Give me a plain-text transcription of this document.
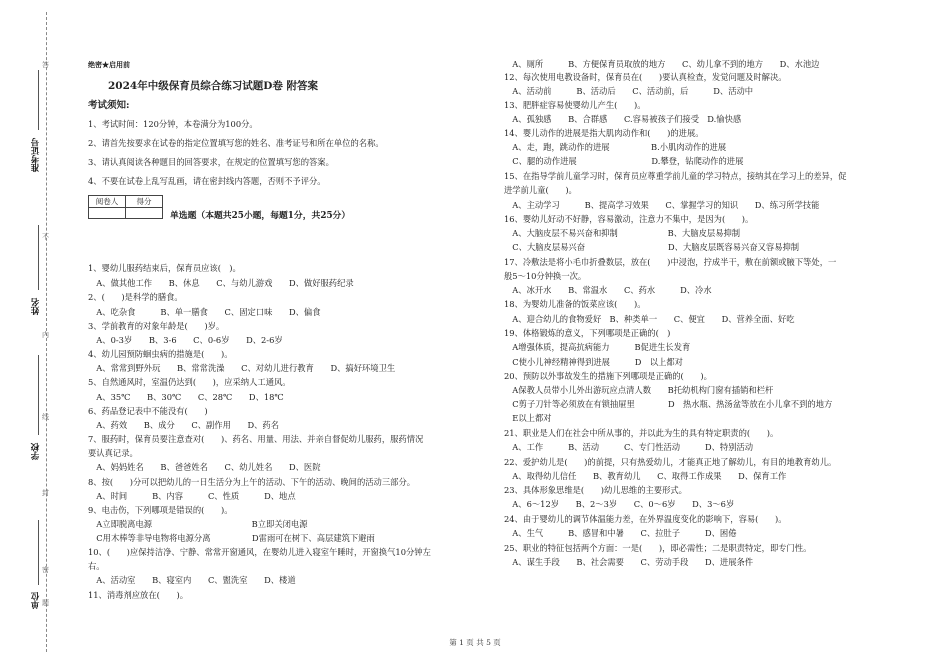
准考证号
姓名
学校
单位
答
不
内
线
封
密
题
绝密★启用前
2024年中级保育员综合练习试题D卷 附答案
考试须知:
1、考试时间：120分钟，本卷满分为100分。
2、请首先按要求在试卷的指定位置填写您的姓名、准考证号和所在单位的名称。
3、请认真阅读各种题目的回答要求，在规定的位置填写您的答案。
4、不要在试卷上乱写乱画，请在密封线内答题，否则不予评分。
单选题（本题共25小题，每题1分，共25分）
1、婴幼儿服药结束后，保育员应该(　)。
　A、做其他工作　　B、休息　　C、与幼儿游戏　　D、做好服药纪录
2、(　　)是科学的膳食。
　A、吃杂食　　　B、单一膳食　　C、固定口味　　D、偏食
3、学前教育的对象年龄是(　　)岁。
　A、0-3岁　　B、3-6　　C、0-6岁　　D、2-6岁
4、幼儿园预防蛔虫病的措施是(　　)。
　A、常常到野外玩　　B、常常洗澡　　C、对幼儿进行教育　　D、搞好环境卫生
5、自然通风时，室温仍达到(　　)，应采纳人工通风。
　A、35℃　　B、30℃　　C、28℃　　D、18℃
6、药品登记表中不能没有(　　)
　A、药效　　B、成分　　C、副作用　　D、药名
7、服药时，保育员要注意查对(　　)、药名、用量、用法、并亲自督促幼儿服药，服药情况
要认真记录。
　A、妈妈姓名　　B、爸爸姓名　　C、幼儿姓名　　D、医院
8、按(　　)分可以把幼儿的一日生活分为上午的活动、下午的活动、晚间的活动三部分。
　A、时间　　　B、内容　　　C、性质　　　D、地点
9、电击伤，下列哪项是错误的(　　)。
　A立即脱离电源　　　　　　　　　　　　B立即关闭电源
　C用木棒等非导电物将电源分离　　　　　D雷雨可在树下、高层建筑下避雨
10、(　　)应保持洁净、宁静、常常开窗通风，在婴幼儿进入寝室午睡时，开窗换气10分钟左
右。
　A、活动室　　B、寝室内　　C、盥洗室　　D、楼道
11、消毒剂应放在(　　)。
阅卷人	得分

　A、厕所　　　B、方便保育员取放的地方　　C、幼儿拿不到的地方　　D、水池边
12、每次使用电教设备时，保育员在(　　)要认真检查，发觉问题及时解决。
　A、活动前　　　B、活动后　　C、活动前，后　　　D、活动中
13、肥胖症容易使婴幼儿产生(　　)。
　A、孤独感　　B、合群感　　C.容易被孩子们接受　D.愉快感
14、婴儿动作的进展是指大肌肉动作和(　　)的进展。
　A、走，跑，跳动作的进展　　　　　B.小肌肉动作的进展
　C、腿的动作进展　　　　　　　　　D.攀登，钻爬动作的进展
15、在指导学前儿童学习时，保育员应尊重学前儿童的学习特点，接纳其在学习上的差异，促
进学前儿童(　　)。
　A、主动学习　　　B、提高学习效果　　C、掌握学习的知识　　D、练习所学技能
16、婴幼儿好动不好静，容易激动，注意力不集中，是因为(　　)。
　A、大脑皮层不易兴奋和抑制　　　　　　B、大脑皮层易抑制
　C、大脑皮层易兴奋　　　　　　　　　　D、大脑皮层既容易兴奋又容易抑制
17、冷敷法是将小毛巾折叠数层，放在(　　)中浸泡，拧成半干，敷在前额或腋下等处，一
般5～10分钟换一次。
　A、冰开水　　B、常温水　　C、药水　　　D、冷水
18、为婴幼儿准备的饭菜应该(　　)。
　A、迎合幼儿的食物爱好　B、种类单一　　C、便宜　　D、营养全面、好吃
19、体格锻炼的意义，下列哪项是正确的(　)
　A增强体质，提高抗病能力　　　B促进生长发育
　C使小儿神经精神得到进展　　　D　以上都对
20、预防以外事故发生的措施下列哪项是正确的(　　)。
　A保教人员带小儿外出游玩应点清人数　　B托幼机构门窗有插销和栏杆
　C剪子刀针等必须放在有锁抽屉里　　　　D　热水瓶、热汤盆等放在小儿拿不到的地方
　E以上都对
21、职业是人们在社会中所从事的，并以此为生的具有特定职责的(　　)。
　A、工作　　　B、活动　　　C、专门性活动　　　D、特别活动
22、爱护幼儿是(　　)的前提，只有热爱幼儿，才能真正地了解幼儿，有目的地教育幼儿。
　A、取得幼儿信任　　B、教育幼儿　　C、取得工作成果　　D、保育工作
23、具体形象思维是(　　)幼儿思维的主要形式。
　A、6～12岁　　B、2～3岁　　C、0～6岁　　D、3～6岁
24、由于婴幼儿的调节体温能力差，在外界温度变化的影响下，容易(　　)。
　A、生气　　　B、感冒和中暑　　C、拉肚子　　　D、困倦
25、职业的特征包括两个方面：一是(　　)，即必需性；二是职责特定，即专门性。
　A、谋生手段　　B、社会需要　　C、劳动手段　　D、进展条件
第 1 页 共 5 页
